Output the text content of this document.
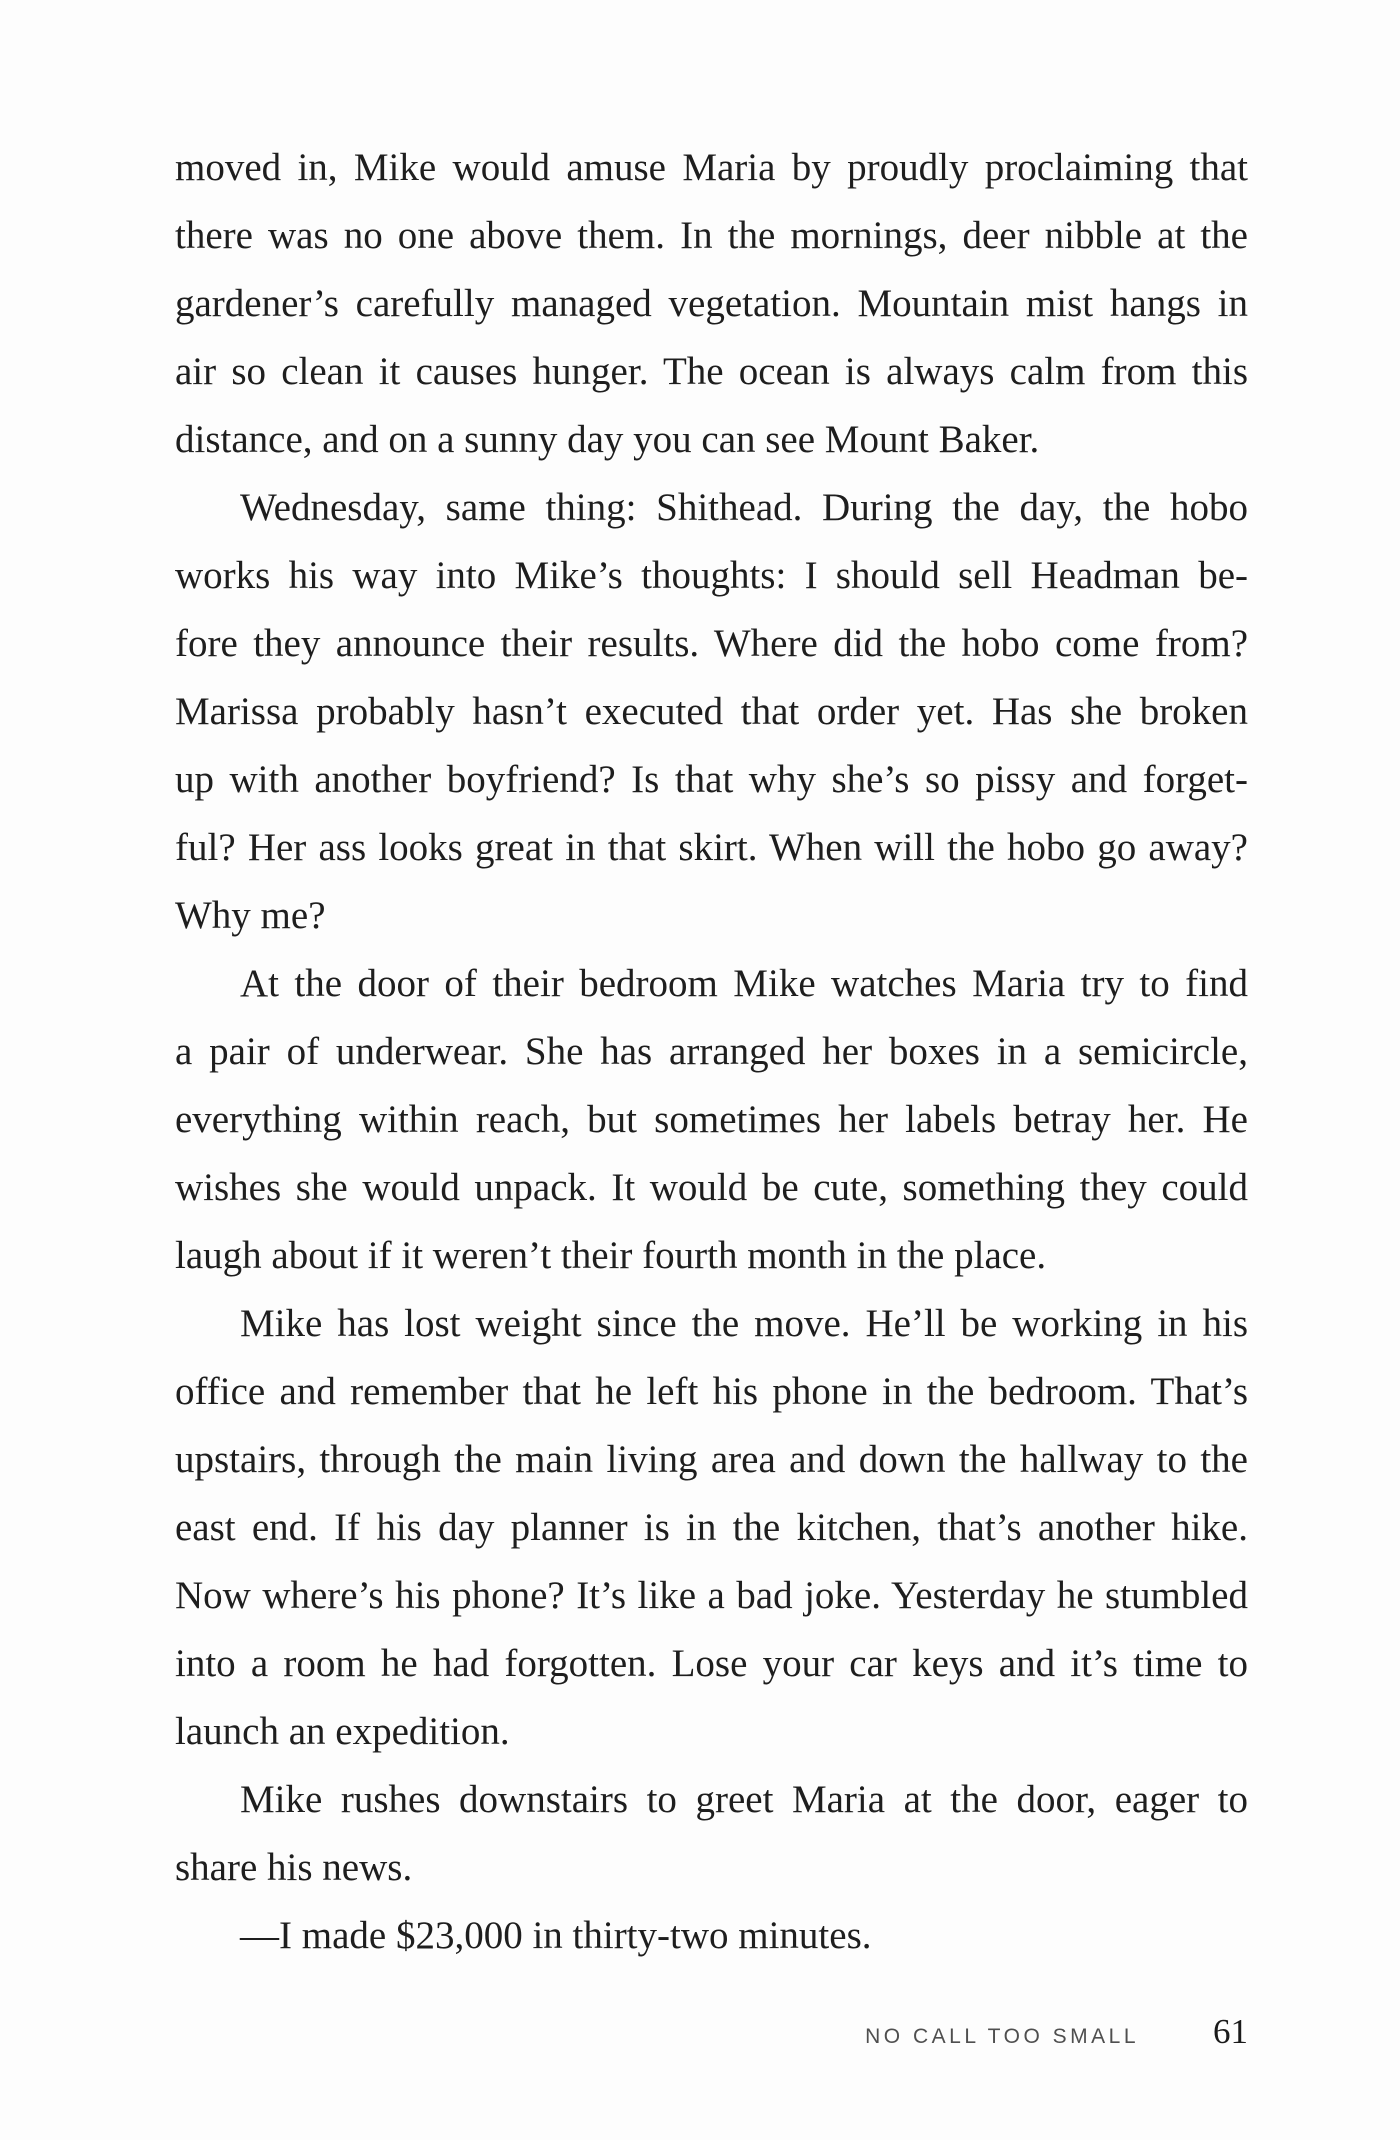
moved in, Mike would amuse Maria by proudly proclaiming that
there was no one above them. In the mornings, deer nibble at the
gardener’s carefully managed vegetation. Mountain mist hangs in
air so clean it causes hunger. The ocean is always calm from this
distance, and on a sunny day you can see Mount Baker.
Wednesday, same thing: Shithead. During the day, the hobo
works his way into Mike’s thoughts: I should sell Headman be-
fore they announce their results. Where did the hobo come from?
Marissa probably hasn’t executed that order yet. Has she broken
up with another boyfriend? Is that why she’s so pissy and forget-
ful? Her ass looks great in that skirt. When will the hobo go away?
Why me?
At the door of their bedroom Mike watches Maria try to find
a pair of underwear. She has arranged her boxes in a semicircle,
everything within reach, but sometimes her labels betray her. He
wishes she would unpack. It would be cute, something they could
laugh about if it weren’t their fourth month in the place.
Mike has lost weight since the move. He’ll be working in his
office and remember that he left his phone in the bedroom. That’s
upstairs, through the main living area and down the hallway to the
east end. If his day planner is in the kitchen, that’s another hike.
Now where’s his phone? It’s like a bad joke. Yesterday he stumbled
into a room he had forgotten. Lose your car keys and it’s time to
launch an expedition.
Mike rushes downstairs to greet Maria at the door, eager to
share his news.
—I made $23,000 in thirty-two minutes.
NO CALL TOO SMALL 61
